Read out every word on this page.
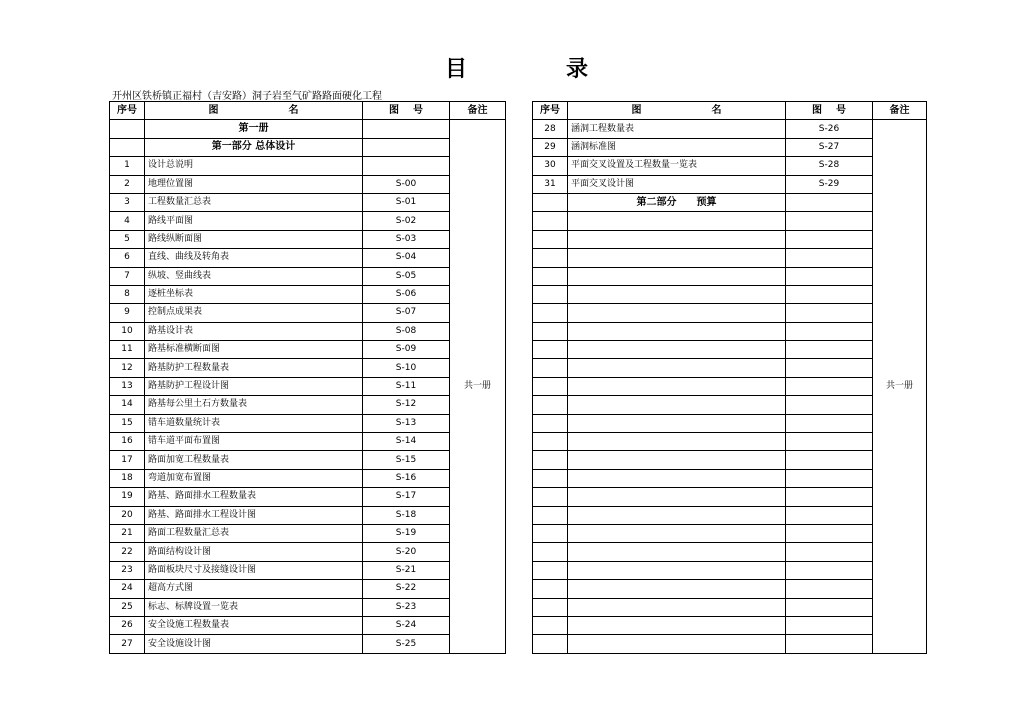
目	录
开州区铁桥镇正福村（吉安路）洞子岩至气矿路路面硬化工程
序号	图 名	图 号	备注
	第一册		共一册
	第一部分 总体设计		
1	设计总说明		
2	地理位置图	S-00	
3	工程数量汇总表	S-01	
4	路线平面图	S-02	
5	路线纵断面图	S-03	
6	直线、曲线及转角表	S-04	
7	纵坡、竖曲线表	S-05	
8	逐桩坐标表	S-06	
9	控制点成果表	S-07	
10	路基设计表	S-08	
11	路基标准横断面图	S-09	
12	路基防护工程数量表	S-10	
13	路基防护工程设计图	S-11	
14	路基每公里土石方数量表	S-12	
15	错车道数量统计表	S-13	
16	错车道平面布置图	S-14	
17	路面加宽工程数量表	S-15	
18	弯道加宽布置图	S-16	
19	路基、路面排水工程数量表	S-17	
20	路基、路面排水工程设计图	S-18	
21	路面工程数量汇总表	S-19	
22	路面结构设计图	S-20	
23	路面板块尺寸及接缝设计图	S-21	
24	超高方式图	S-22	
25	标志、标牌设置一览表	S-23	
26	安全设施工程数量表	S-24	
27	安全设施设计图	S-25	
序号	图 名	图 号	备注
28	涵洞工程数量表	S-26	共一册
29	涵洞标准图	S-27	
30	平面交叉设置及工程数量一览表	S-28	
31	平面交叉设计图	S-29	
	第二部分　　预算		
